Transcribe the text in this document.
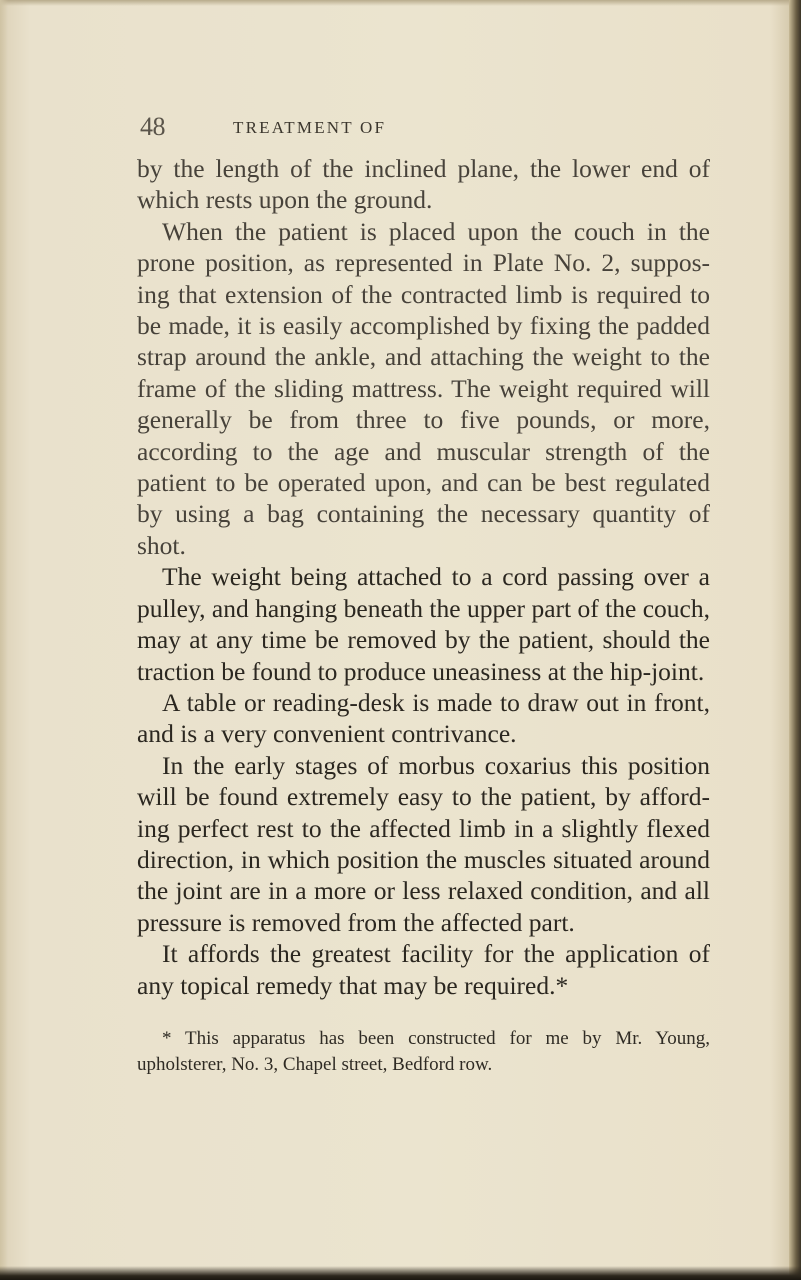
48	TREATMENT OF

by the length of the inclined plane, the lower end of which rests upon the ground.

When the patient is placed upon the couch in the prone position, as represented in Plate No. 2, suppos-ing that extension of the contracted limb is required to be made, it is easily accomplished by fixing the padded strap around the ankle, and attaching the weight to the frame of the sliding mattress. The weight required will generally be from three to five pounds, or more, according to the age and muscular strength of the patient to be operated upon, and can be best regulated by using a bag containing the necessary quantity of shot.

The weight being attached to a cord passing over a pulley, and hanging beneath the upper part of the couch, may at any time be removed by the patient, should the traction be found to produce uneasiness at the hip-joint.

A table or reading-desk is made to draw out in front, and is a very convenient contrivance.

In the early stages of morbus coxarius this position will be found extremely easy to the patient, by afford-ing perfect rest to the affected limb in a slightly flexed direction, in which position the muscles situated around the joint are in a more or less relaxed condition, and all pressure is removed from the affected part.

It affords the greatest facility for the application of any topical remedy that may be required.*

* This apparatus has been constructed for me by Mr. Young, upholsterer, No. 3, Chapel street, Bedford row.
